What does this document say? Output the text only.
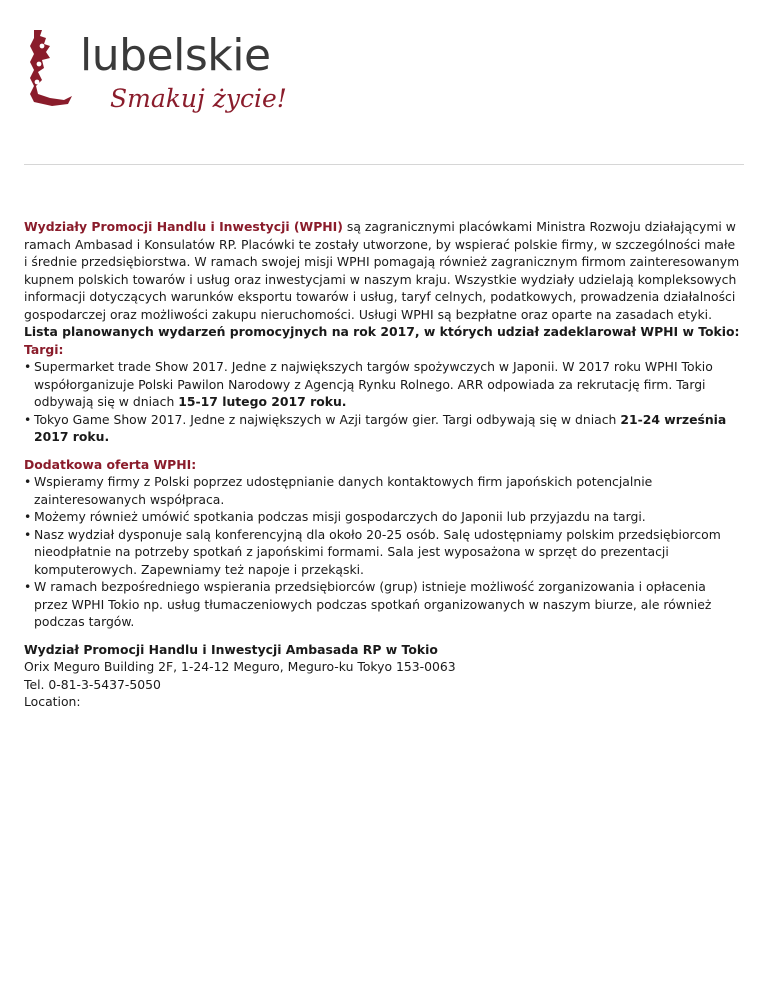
lubelskie
Smakuj życie!

Wydziały Promocji Handlu i Inwestycji (WPHI) są zagranicznymi placówkami Ministra Rozwoju działającymi w ramach Ambasad i Konsulatów RP. Placówki te zostały utworzone, by wspierać polskie firmy, w szczególności małe i średnie przedsiębiorstwa. W ramach swojej misji WPHI pomagają również zagranicznym firmom zainteresowanym kupnem polskich towarów i usług oraz inwestycjami w naszym kraju. Wszystkie wydziały udzielają kompleksowych informacji dotyczących warunków eksportu towarów i usług, taryf celnych, podatkowych, prowadzenia działalności gospodarczej oraz możliwości zakupu nieruchomości. Usługi WPHI są bezpłatne oraz oparte na zasadach etyki.

Lista planowanych wydarzeń promocyjnych na rok 2017, w których udział zadeklarował WPHI w Tokio:

Targi:

• Supermarket trade Show 2017. Jedne z największych targów spożywczych w Japonii. W 2017 roku WPHI Tokio współorganizuje Polski Pawilon Narodowy z Agencją Rynku Rolnego. ARR odpowiada za rekrutację firm. Targi odbywają się w dniach 15-17 lutego 2017 roku.
• Tokyo Game Show 2017. Jedne z największych w Azji targów gier. Targi odbywają się w dniach 21-24 września 2017 roku.

Dodatkowa oferta WPHI:

• Wspieramy firmy z Polski poprzez udostępnianie danych kontaktowych firm japońskich potencjalnie zainteresowanych współpraca.
• Możemy również umówić spotkania podczas misji gospodarczych do Japonii lub przyjazdu na targi.
• Nasz wydział dysponuje salą konferencyjną dla około 20-25 osób. Salę udostępniamy polskim przedsiębiorcom nieodpłatnie na potrzeby spotkań z japońskimi formami. Sala jest wyposażona w sprzęt do prezentacji komputerowych. Zapewniamy też napoje i przekąski.
• W ramach bezpośredniego wspierania przedsiębiorców (grup) istnieje możliwość zorganizowania i opłacenia przez WPHI Tokio np. usług tłumaczeniowych podczas spotkań organizowanych w naszym biurze, ale również podczas targów.

Wydział Promocji Handlu i Inwestycji Ambasada RP w Tokio

Orix Meguro Building 2F, 1-24-12 Meguro, Meguro-ku Tokyo 153-0063

Tel. 0-81-3-5437-5050

Location:
